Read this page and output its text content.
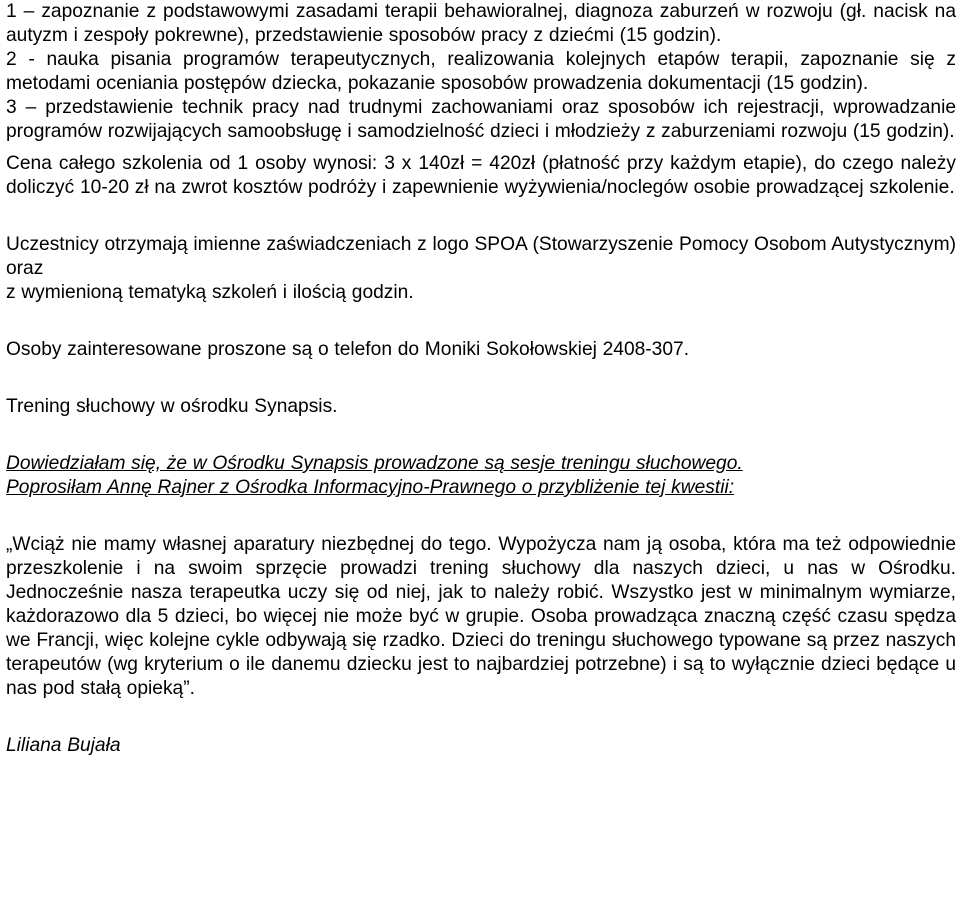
1 – zapoznanie z podstawowymi zasadami terapii behawioralnej, diagnoza zaburzeń w rozwoju (gł. nacisk na autyzm i zespoły pokrewne), przedstawienie sposobów pracy z dziećmi (15 godzin).

2 - nauka pisania programów terapeutycznych, realizowania kolejnych etapów terapii, zapoznanie się z metodami oceniania postępów dziecka, pokazanie sposobów prowadzenia dokumentacji (15 godzin).

3 – przedstawienie technik pracy nad trudnymi zachowaniami oraz sposobów ich rejestracji, wprowadzanie programów rozwijających samoobsługę i samodzielność dzieci i młodzieży z zaburzeniami rozwoju (15 godzin).

Cena całego szkolenia od 1 osoby wynosi: 3 x 140zł = 420zł (płatność przy każdym etapie), do czego należy doliczyć 10-20 zł na zwrot kosztów podróży i zapewnienie wyżywienia/noclegów osobie prowadzącej szkolenie.

Uczestnicy otrzymają imienne zaświadczeniach z logo SPOA (Stowarzyszenie Pomocy Osobom Autystycznym) oraz
z wymienioną tematyką szkoleń i ilością godzin.

Osoby zainteresowane proszone są o telefon do Moniki Sokołowskiej 2408-307.

Trening słuchowy w ośrodku Synapsis.

Dowiedziałam się, że w Ośrodku Synapsis prowadzone są sesje treningu słuchowego.
Poprosiłam Annę Rajner z Ośrodka Informacyjno-Prawnego o przybliżenie tej kwestii:

„Wciąż nie mamy własnej aparatury niezbędnej do tego. Wypożycza nam ją osoba, która ma też odpowiednie przeszkolenie i na swoim sprzęcie prowadzi trening słuchowy dla naszych dzieci, u nas w Ośrodku. Jednocześnie nasza terapeutka uczy się od niej, jak to należy robić. Wszystko jest w minimalnym wymiarze, każdorazowo dla 5 dzieci, bo więcej nie może być w grupie. Osoba prowadząca znaczną część czasu spędza we Francji, więc kolejne cykle odbywają się rzadko. Dzieci do treningu słuchowego typowane są przez naszych terapeutów (wg kryterium o ile danemu dziecku jest to najbardziej potrzebne) i są to wyłącznie dzieci będące u nas pod stałą opieką”.

Liliana Bujała
